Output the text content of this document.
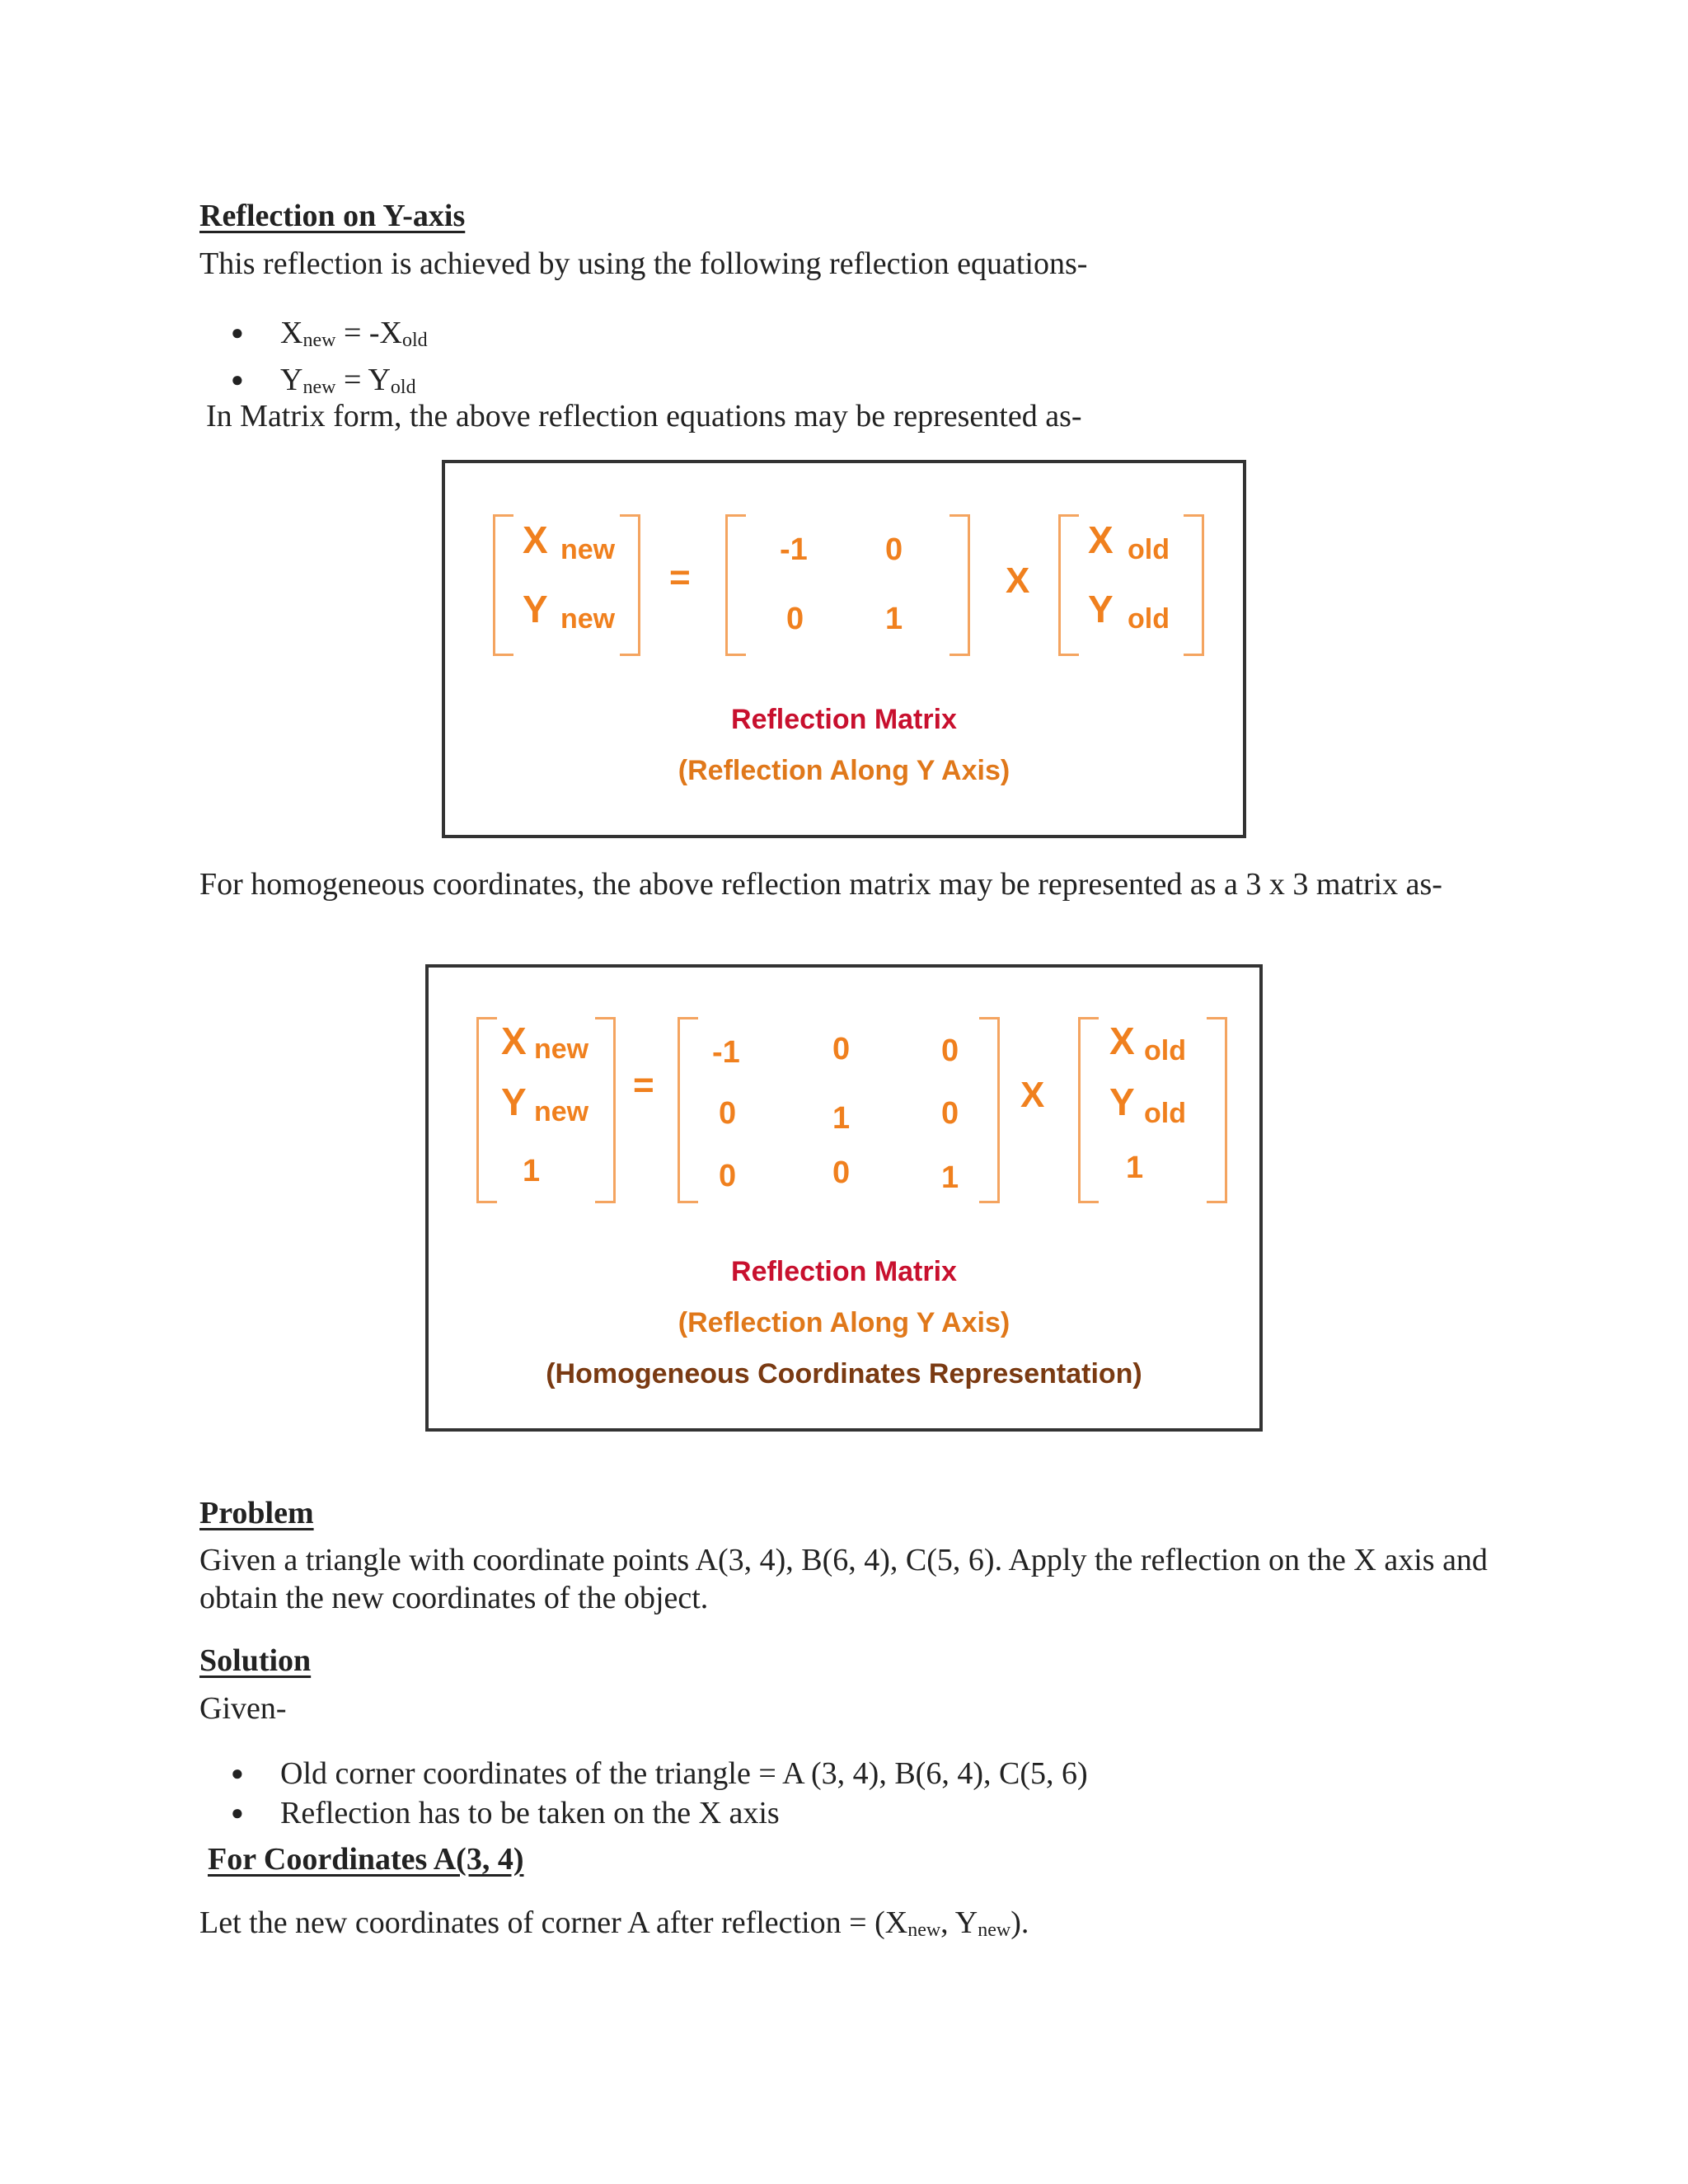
Reflection on Y-axis
This reflection is achieved by using the following reflection equations-
● $X_{new} = -X_{old}$
● $Y_{new} = Y_{old}$
In Matrix form, the above reflection equations may be represented as-
X new
Y new
=
-1 0
0	1
X
X old
Y old
Reflection Matrix
(Reflection Along Y Axis)
For homogeneous coordinates, the above reflection matrix may be represented as a 3 x 3 matrix as-
X new
Y new
1
=
-1	0	0
0	1	0
0	0	1
X
X old
Y old
1
Reflection Matrix
(Reflection Along Y Axis)
(Homogeneous Coordinates Representation)
Problem
Given a triangle with coordinate points A(3, 4), B(6, 4), C(5, 6). Apply the reflection on the X axis and obtain the new coordinates of the object.
Solution
Given-
● Old corner coordinates of the triangle = A (3, 4), B(6, 4), C(5, 6)
● Reflection has to be taken on the X axis
For Coordinates A(3, 4)
Let the new coordinates of corner A after reflection = ($X_{new}$, $Y_{new}$).
